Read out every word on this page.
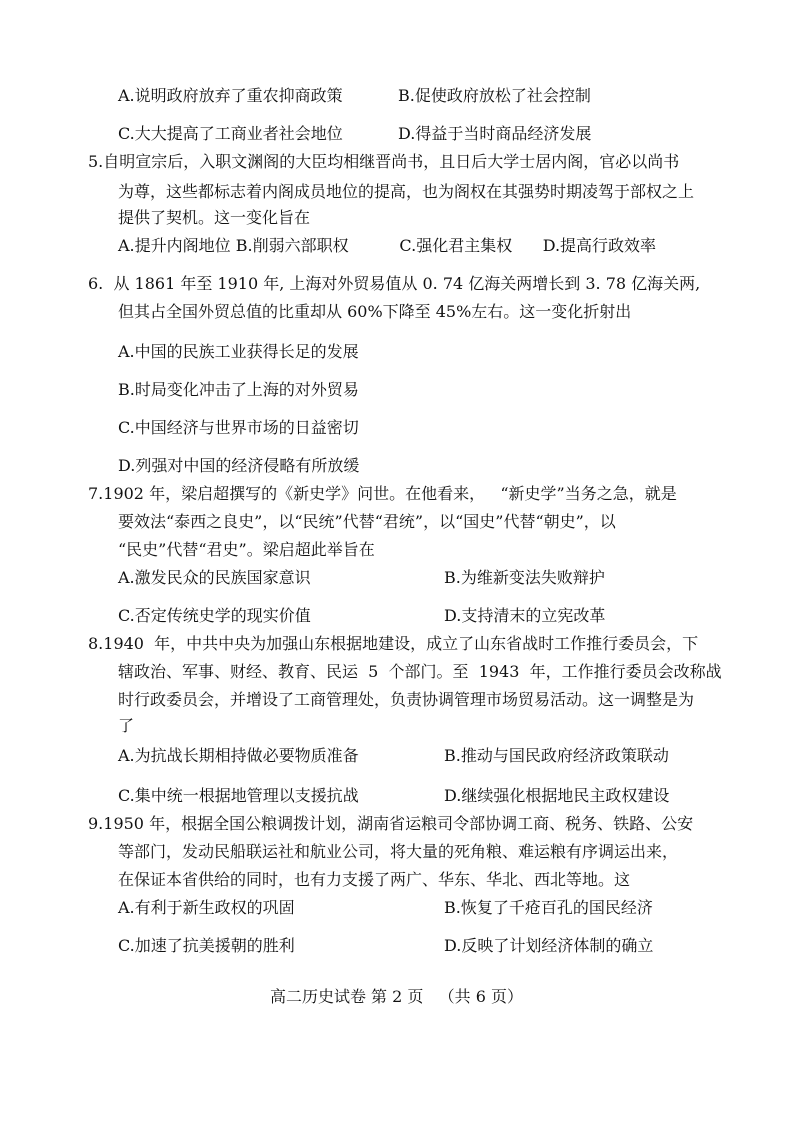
A.说明政府放弃了重农抑商政策	B.促使政府放松了社会控制
C.大大提高了工商业者社会地位	D.得益于当时商品经济发展
5.自明宣宗后，入职文渊阁的大臣均相继晋尚书，且日后大学士居内阁，官必以尚书
为尊，这些都标志着内阁成员地位的提高，也为阁权在其强势时期凌驾于部权之上
提供了契机。这一变化旨在
A.提升内阁地位 B.削弱六部职权          C.强化君主集权      D.提高行政效率
6.  从 1861 年至 1910 年, 上海对外贸易值从 0. 74 亿海关两增长到 3. 78 亿海关两,
但其占全国外贸总值的比重却从 60%下降至 45%左右。这一变化折射出
A.中国的民族工业获得长足的发展
B.时局变化冲击了上海的对外贸易
C.中国经济与世界市场的日益密切
D.列强对中国的经济侵略有所放缓
7.1902 年，梁启超撰写的《新史学》问世。在他看来，   “新史学”当务之急，就是
要效法“泰西之良史”，以“民统”代替“君统”，以“国史”代替“朝史”，以
“民史”代替“君史”。梁启超此举旨在
A.激发民众的民族国家意识	B.为维新变法失败辩护
C.否定传统史学的现实价值	D.支持清末的立宪改革
8.1940  年，中共中央为加强山东根据地建设，成立了山东省战时工作推行委员会，下
辖政治、军事、财经、教育、民运  5  个部门。至  1943  年，工作推行委员会改称战
时行政委员会，并增设了工商管理处，负责协调管理市场贸易活动。这一调整是为
了
A.为抗战长期相持做必要物质准备	B.推动与国民政府经济政策联动
C.集中统一根据地管理以支援抗战	D.继续强化根据地民主政权建设
9.1950 年，根据全国公粮调拨计划，湖南省运粮司令部协调工商、税务、铁路、公安
等部门，发动民船联运社和航业公司，将大量的死角粮、难运粮有序调运出来，
在保证本省供给的同时，也有力支援了两广、华东、华北、西北等地。这
A.有利于新生政权的巩固	B.恢复了千疮百孔的国民经济
C.加速了抗美援朝的胜利	D.反映了计划经济体制的确立
高二历史试卷 第 2 页   （共 6 页）
